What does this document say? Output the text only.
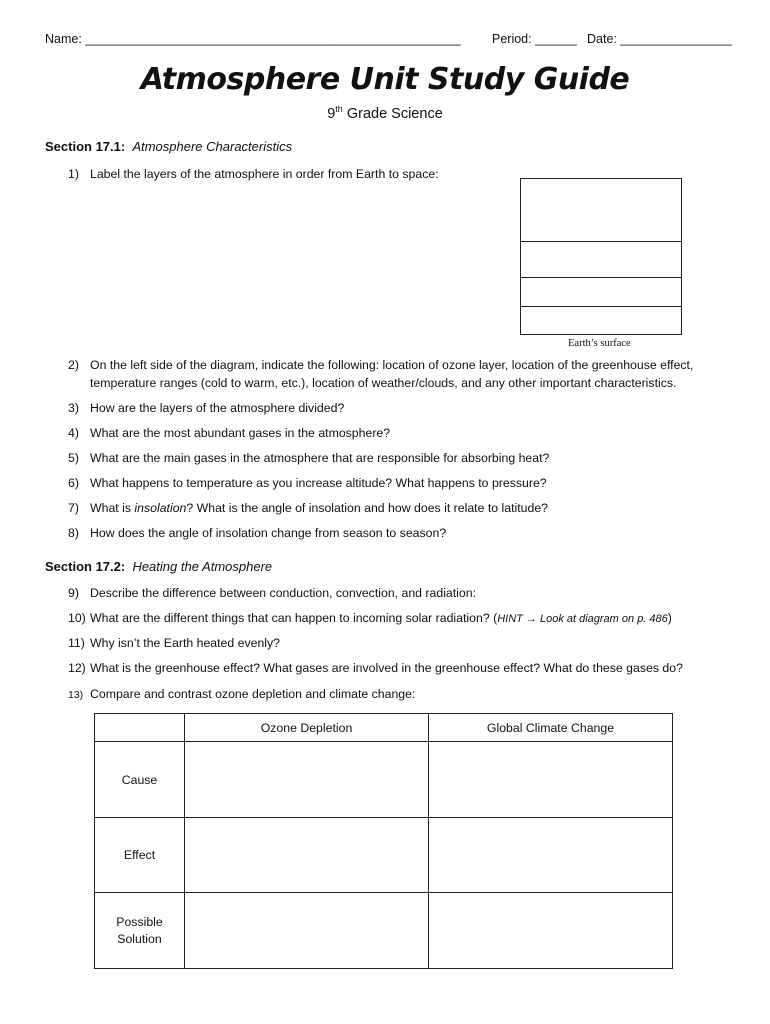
Name: ______________________________________________________	Period: ______ Date: ________________
Atmosphere Unit Study Guide
9th Grade Science
Section 17.1: Atmosphere Characteristics
1) Label the layers of the atmosphere in order from Earth to space:
Earth’s surface
2) On the left side of the diagram, indicate the following: location of ozone layer, location of the greenhouse effect,
temperature ranges (cold to warm, etc.), location of weather/clouds, and any other important characteristics.
3) How are the layers of the atmosphere divided?
4) What are the most abundant gases in the atmosphere?
5) What are the main gases in the atmosphere that are responsible for absorbing heat?
6) What happens to temperature as you increase altitude? What happens to pressure?
7) What is insolation? What is the angle of insolation and how does it relate to latitude?
8) How does the angle of insolation change from season to season?
Section 17.2: Heating the Atmosphere
9) Describe the difference between conduction, convection, and radiation:
10) What are the different things that can happen to incoming solar radiation? (HINT → Look at diagram on p. 486)
11) Why isn’t the Earth heated evenly?
12) What is the greenhouse effect? What gases are involved in the greenhouse effect? What do these gases do?
13) Compare and contrast ozone depletion and climate change:
	Ozone Depletion	Global Climate Change
Cause		
Effect		
Possible Solution		
